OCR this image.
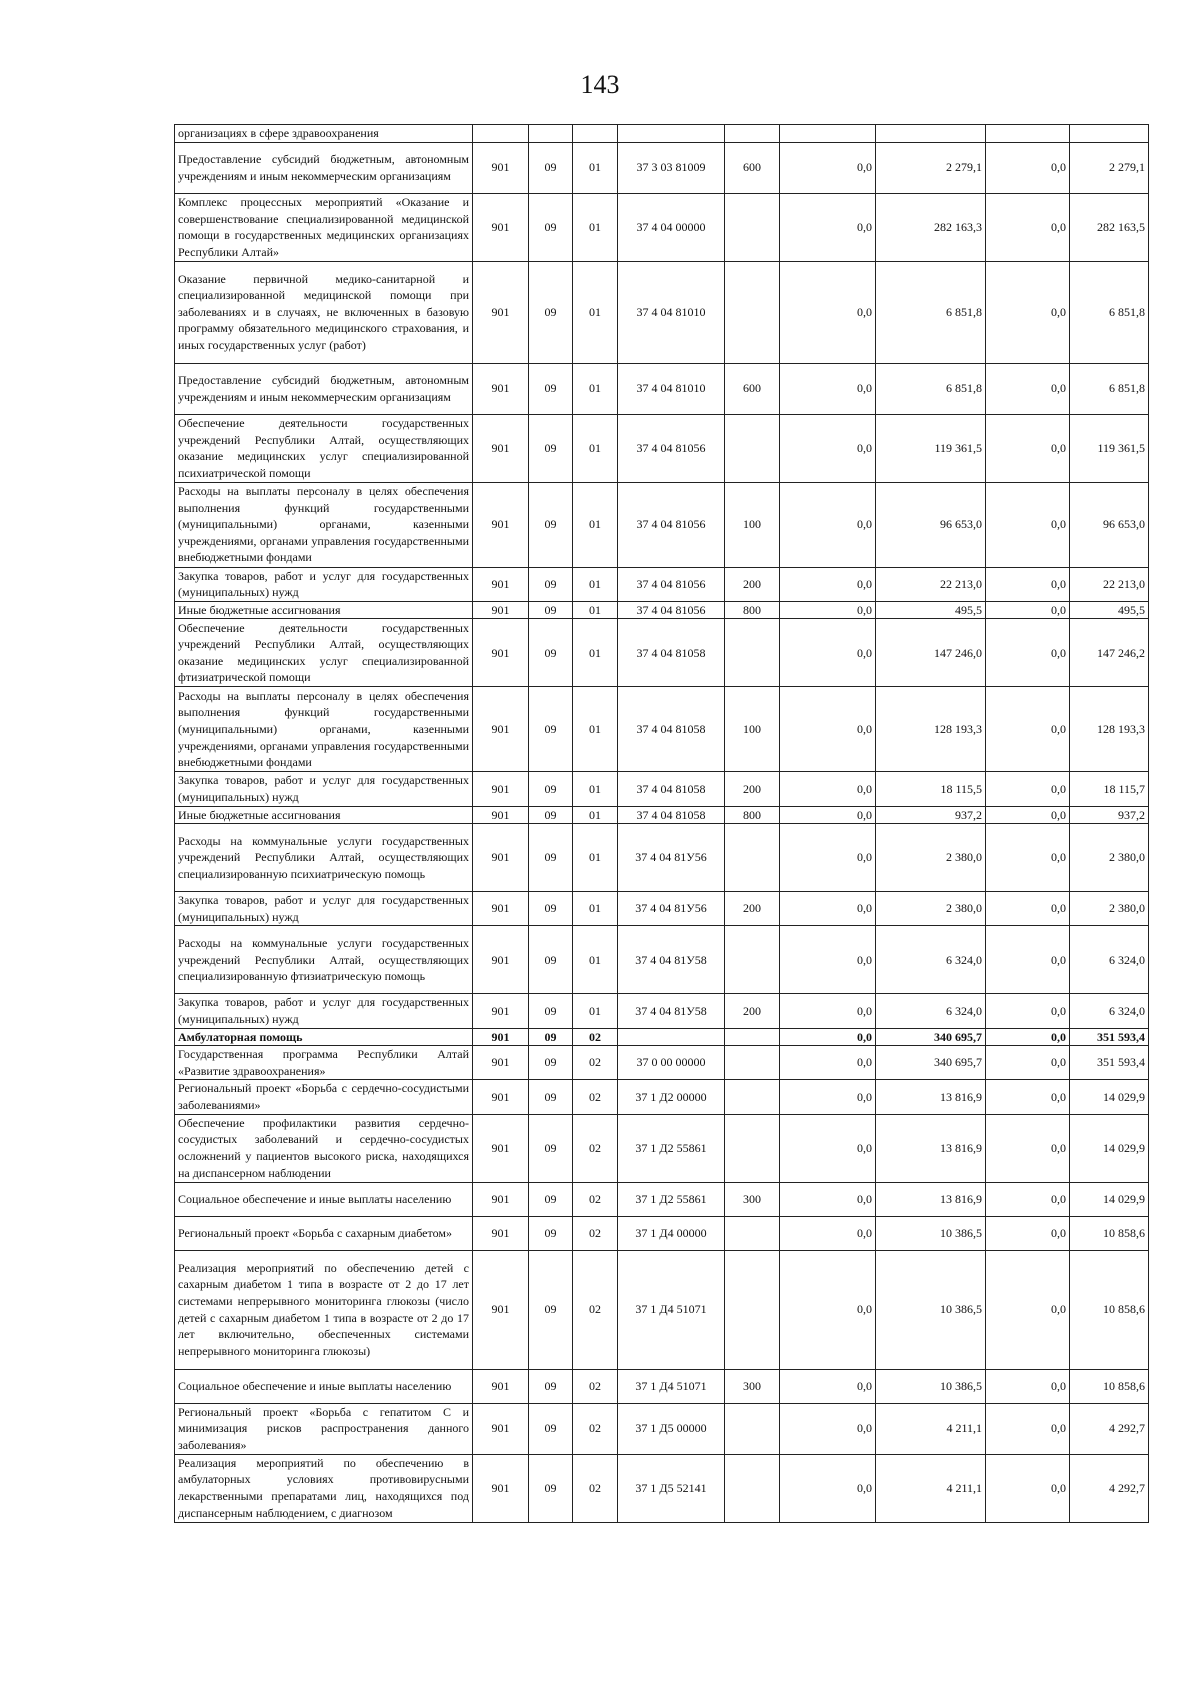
143
организациях в сфере здравоохранения									
Предоставление субсидий бюджетным, автономным учреждениям и иным некоммерческим организациям	901	09	01	37 3 03 81009	600	0,0	2 279,1	0,0	2 279,1
Комплекс процессных мероприятий «Оказание и совершенствование специализированной медицинской помощи в государственных медицинских организациях Республики Алтай»	901	09	01	37 4 04 00000		0,0	282 163,3	0,0	282 163,5
Оказание первичной медико-санитарной и специализированной медицинской помощи при заболеваниях и в случаях, не включенных в базовую программу обязательного медицинского страхования, и иных государственных услуг (работ)	901	09	01	37 4 04 81010		0,0	6 851,8	0,0	6 851,8
Предоставление субсидий бюджетным, автономным учреждениям и иным некоммерческим организациям	901	09	01	37 4 04 81010	600	0,0	6 851,8	0,0	6 851,8
Обеспечение деятельности государственных учреждений Республики Алтай, осуществляющих оказание медицинских услуг специализированной психиатрической помощи	901	09	01	37 4 04 81056		0,0	119 361,5	0,0	119 361,5
Расходы на выплаты персоналу в целях обеспечения выполнения функций государственными (муниципальными) органами, казенными учреждениями, органами управления государственными внебюджетными фондами	901	09	01	37 4 04 81056	100	0,0	96 653,0	0,0	96 653,0
Закупка товаров, работ и услуг для государственных (муниципальных) нужд	901	09	01	37 4 04 81056	200	0,0	22 213,0	0,0	22 213,0
Иные бюджетные ассигнования	901	09	01	37 4 04 81056	800	0,0	495,5	0,0	495,5
Обеспечение деятельности государственных учреждений Республики Алтай, осуществляющих оказание медицинских услуг специализированной фтизиатрической помощи	901	09	01	37 4 04 81058		0,0	147 246,0	0,0	147 246,2
Расходы на выплаты персоналу в целях обеспечения выполнения функций государственными (муниципальными) органами, казенными учреждениями, органами управления государственными внебюджетными фондами	901	09	01	37 4 04 81058	100	0,0	128 193,3	0,0	128 193,3
Закупка товаров, работ и услуг для государственных (муниципальных) нужд	901	09	01	37 4 04 81058	200	0,0	18 115,5	0,0	18 115,7
Иные бюджетные ассигнования	901	09	01	37 4 04 81058	800	0,0	937,2	0,0	937,2
Расходы на коммунальные услуги государственных учреждений Республики Алтай, осуществляющих специализированную психиатрическую помощь	901	09	01	37 4 04 81У56		0,0	2 380,0	0,0	2 380,0
Закупка товаров, работ и услуг для государственных (муниципальных) нужд	901	09	01	37 4 04 81У56	200	0,0	2 380,0	0,0	2 380,0
Расходы на коммунальные услуги государственных учреждений Республики Алтай, осуществляющих специализированную фтизиатрическую помощь	901	09	01	37 4 04 81У58		0,0	6 324,0	0,0	6 324,0
Закупка товаров, работ и услуг для государственных (муниципальных) нужд	901	09	01	37 4 04 81У58	200	0,0	6 324,0	0,0	6 324,0
Амбулаторная помощь	901	09	02			0,0	340 695,7	0,0	351 593,4
Государственная программа Республики Алтай «Развитие здравоохранения»	901	09	02	37 0 00 00000		0,0	340 695,7	0,0	351 593,4
Региональный проект «Борьба с сердечно-сосудистыми заболеваниями»	901	09	02	37 1 Д2 00000		0,0	13 816,9	0,0	14 029,9
Обеспечение профилактики развития сердечно-сосудистых заболеваний и сердечно-сосудистых осложнений у пациентов высокого риска, находящихся на диспансерном наблюдении	901	09	02	37 1 Д2 55861		0,0	13 816,9	0,0	14 029,9
Социальное обеспечение и иные выплаты населению	901	09	02	37 1 Д2 55861	300	0,0	13 816,9	0,0	14 029,9
Региональный проект «Борьба с сахарным диабетом»	901	09	02	37 1 Д4 00000		0,0	10 386,5	0,0	10 858,6
Реализация мероприятий по обеспечению детей с сахарным диабетом 1 типа в возрасте от 2 до 17 лет системами непрерывного мониторинга глюкозы (число детей с сахарным диабетом 1 типа в возрасте от 2 до 17 лет включительно, обеспеченных системами непрерывного мониторинга глюкозы)	901	09	02	37 1 Д4 51071		0,0	10 386,5	0,0	10 858,6
Социальное обеспечение и иные выплаты населению	901	09	02	37 1 Д4 51071	300	0,0	10 386,5	0,0	10 858,6
Региональный проект «Борьба с гепатитом С и минимизация рисков распространения данного заболевания»	901	09	02	37 1 Д5 00000		0,0	4 211,1	0,0	4 292,7
Реализация мероприятий по обеспечению в амбулаторных условиях противовирусными лекарственными препаратами лиц, находящихся под диспансерным наблюдением, с диагнозом	901	09	02	37 1 Д5 52141		0,0	4 211,1	0,0	4 292,7
